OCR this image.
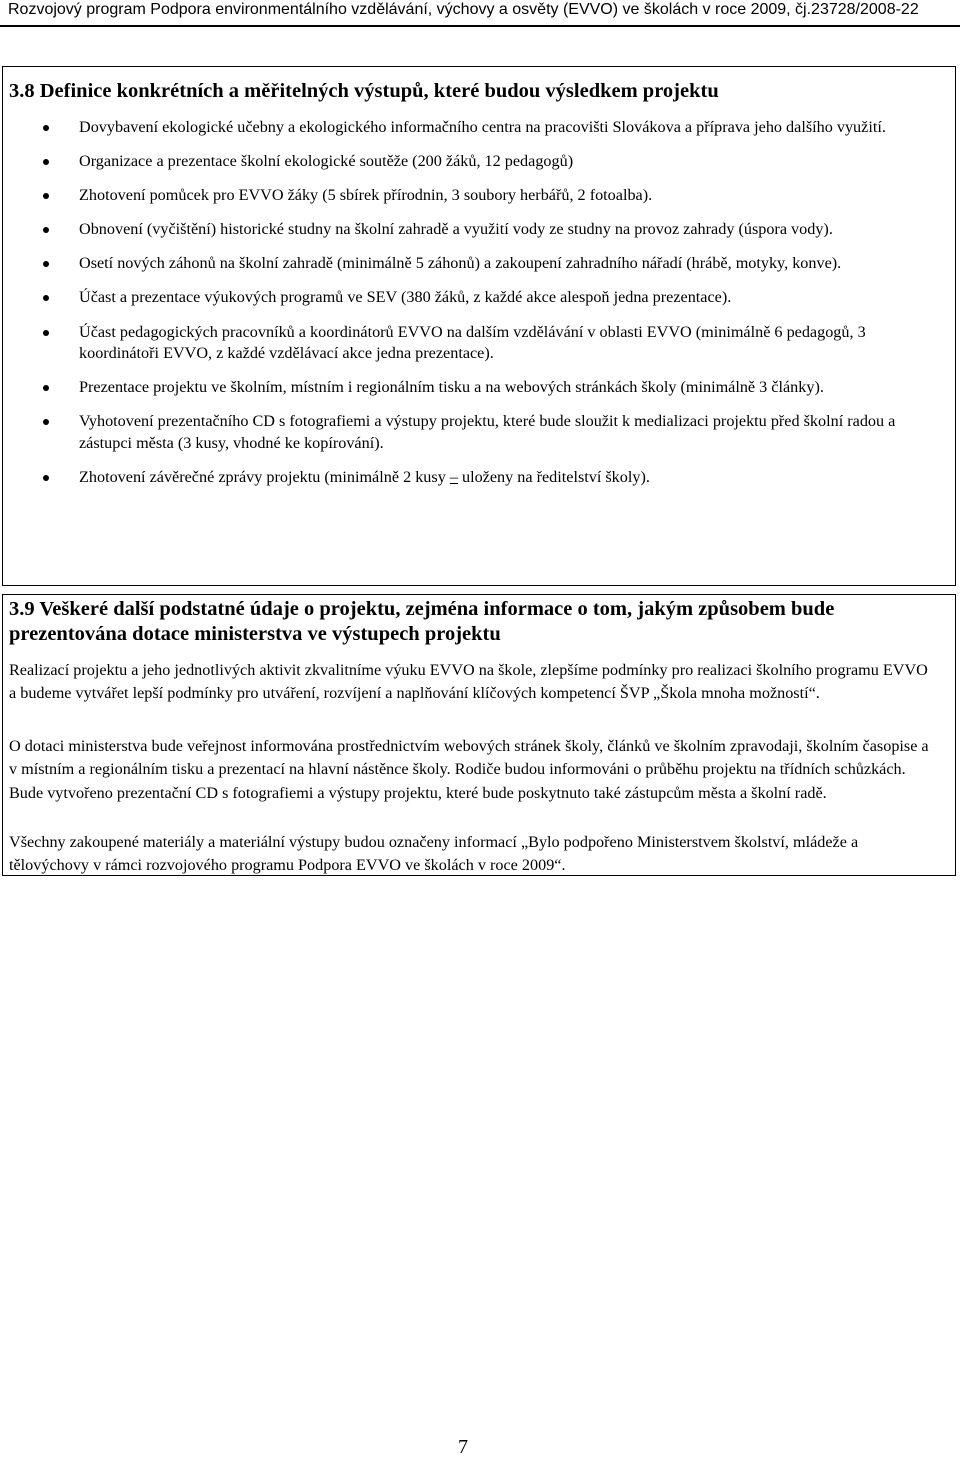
Rozvojový program Podpora environmentálního vzdělávání, výchovy a osvěty (EVVO) ve školách v roce 2009, čj.23728/2008-22
3.8 Definice konkrétních a měřitelných výstupů, které budou výsledkem projektu
Dovybavení ekologické učebny a ekologického informačního centra na pracovišti Slovákova a příprava jeho dalšího využití.
Organizace a prezentace školní ekologické soutěže (200 žáků, 12 pedagogů)
Zhotovení pomůcek pro EVVO žáky (5 sbírek přírodnin, 3 soubory herbářů, 2 fotoalba).
Obnovení (vyčištění) historické studny na školní zahradě a využití vody ze studny na provoz zahrady (úspora vody).
Osetí nových záhonů na školní zahradě (minimálně 5 záhonů) a zakoupení zahradního nářadí (hrábě, motyky, konve).
Účast a prezentace výukových programů ve SEV (380 žáků, z každé akce alespoň jedna prezentace).
Účast pedagogických pracovníků a koordinátorů EVVO na dalším vzdělávání v oblasti EVVO (minimálně 6 pedagogů, 3 koordinátoři EVVO, z každé vzdělávací akce jedna prezentace).
Prezentace projektu ve školním, místním i regionálním tisku a na webových stránkách školy (minimálně 3 články).
Vyhotovení prezentačního CD s fotografiemi a výstupy projektu, které bude sloužit k medializaci projektu před školní radou a zástupci města (3 kusy, vhodné ke kopírování).
Zhotovení závěrečné zprávy projektu (minimálně 2 kusy – uloženy na ředitelství školy).
3.9 Veškeré další podstatné údaje o projektu, zejména informace o tom, jakým způsobem bude prezentována dotace ministerstva ve výstupech projektu

Realizací projektu a jeho jednotlivých aktivit zkvalitníme výuku EVVO na škole, zlepšíme podmínky pro realizaci školního programu EVVO a budeme vytvářet lepší podmínky pro utváření, rozvíjení a naplňování klíčových kompetencí ŠVP „Škola mnoha možností“.

O dotaci ministerstva bude veřejnost informována prostřednictvím webových stránek školy, článků ve školním zpravodaji, školním časopise a v místním a regionálním tisku a prezentací na hlavní nástěnce školy. Rodiče budou informováni o průběhu projektu na třídních schůzkách. Bude vytvořeno prezentační CD s fotografiemi a výstupy projektu, které bude poskytnuto také zástupcům města a školní radě.

Všechny zakoupené materiály a materiální výstupy budou označeny informací „Bylo podpořeno Ministerstvem školství, mládeže a tělovýchovy v rámci rozvojového programu Podpora EVVO ve školách v roce 2009“.

7
